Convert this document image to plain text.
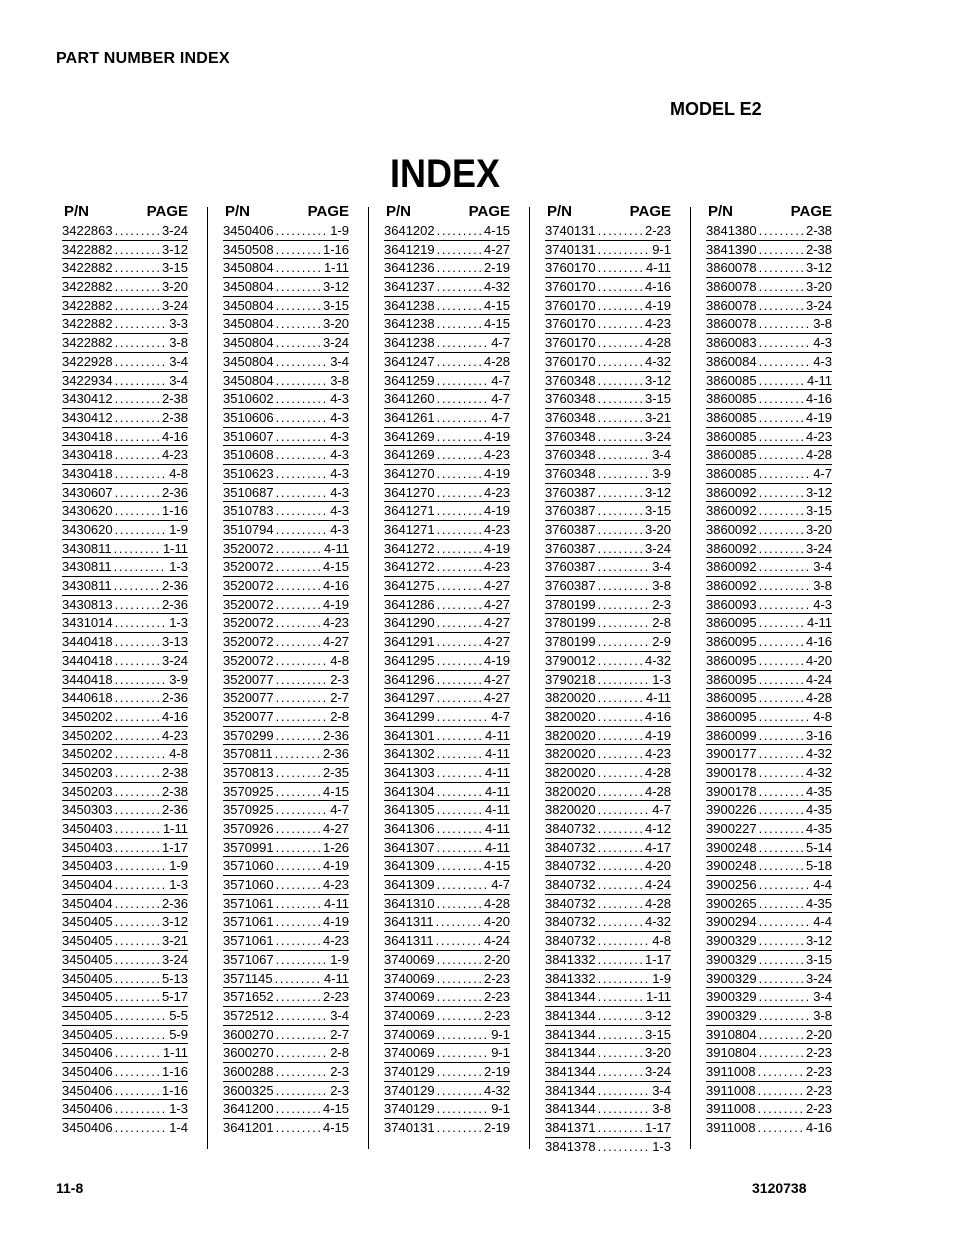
PART NUMBER INDEX
MODEL E2
INDEX
P/N	PAGE
3422863 . . .	3-24
3422882 . . .	3-12
3422882 . . .	3-15
3422882 . . .	3-20
3422882 . . .	3-24
3422882 . . .	3-3
3422882 . . .	3-8
3422928 . . .	3-4
3422934 . . .	3-4
3430412 . . .	2-38
3430412 . . .	2-38
3430418 . . .	4-16
3430418 . . .	4-23
3430418 . . .	4-8
3430607 . . .	2-36
3430620 . . .	1-16
3430620 . . .	1-9
3430811 . . .	1-11
3430811 . . .	1-3
3430811 . . .	2-36
3430813 . . .	2-36
3431014 . . .	1-3
3440418 . . .	3-13
3440418 . . .	3-24
3440418 . . .	3-9
3440618 . . .	2-36
3450202 . . .	4-16
3450202 . . .	4-23
3450202 . . .	4-8
3450203 . . .	2-38
3450203 . . .	2-38
3450303 . . .	2-36
3450403 . . .	1-11
3450403 . . .	1-17
3450403 . . .	1-9
3450404 . . .	1-3
3450404 . . .	2-36
3450405 . . .	3-12
3450405 . . .	3-21
3450405 . . .	3-24
3450405 . . .	5-13
3450405 . . .	5-17
3450405 . . .	5-5
3450405 . . .	5-9
3450406 . . .	1-11
3450406 . . .	1-16
3450406 . . .	1-16
3450406 . . .	1-3
3450406 . . .	1-4
P/N	PAGE
3450406 . . .	1-9
3450508 . . .	1-16
3450804 . . .	1-11
3450804 . . .	3-12
3450804 . . .	3-15
3450804 . . .	3-20
3450804 . . .	3-24
3450804 . . .	3-4
3450804 . . .	3-8
3510602 . . .	4-3
3510606 . . .	4-3
3510607 . . .	4-3
3510608 . . .	4-3
3510623 . . .	4-3
3510687 . . .	4-3
3510783 . . .	4-3
3510794 . . .	4-3
3520072 . . .	4-11
3520072 . . .	4-15
3520072 . . .	4-16
3520072 . . .	4-19
3520072 . . .	4-23
3520072 . . .	4-27
3520072 . . .	4-8
3520077 . . .	2-3
3520077 . . .	2-7
3520077 . . .	2-8
3570299 . . .	2-36
3570811 . . .	2-36
3570813 . . .	2-35
3570925 . . .	4-15
3570925 . . .	4-7
3570926 . . .	4-27
3570991 . . .	1-26
3571060 . . .	4-19
3571060 . . .	4-23
3571061 . . .	4-11
3571061 . . .	4-19
3571061 . . .	4-23
3571067 . . .	1-9
3571145 . . .	4-11
3571652 . . .	2-23
3572512 . . .	3-4
3600270 . . .	2-7
3600270 . . .	2-8
3600288 . . .	2-3
3600325 . . .	2-3
3641200 . . .	4-15
3641201 . . .	4-15
P/N	PAGE
3641202 . . .	4-15
3641219 . . .	4-27
3641236 . . .	2-19
3641237 . . .	4-32
3641238 . . .	4-15
3641238 . . .	4-15
3641238 . . .	4-7
3641247 . . .	4-28
3641259 . . .	4-7
3641260 . . .	4-7
3641261 . . .	4-7
3641269 . . .	4-19
3641269 . . .	4-23
3641270 . . .	4-19
3641270 . . .	4-23
3641271 . . .	4-19
3641271 . . .	4-23
3641272 . . .	4-19
3641272 . . .	4-23
3641275 . . .	4-27
3641286 . . .	4-27
3641290 . . .	4-27
3641291 . . .	4-27
3641295 . . .	4-19
3641296 . . .	4-27
3641297 . . .	4-27
3641299 . . .	4-7
3641301 . . .	4-11
3641302 . . .	4-11
3641303 . . .	4-11
3641304 . . .	4-11
3641305 . . .	4-11
3641306 . . .	4-11
3641307 . . .	4-11
3641309 . . .	4-15
3641309 . . .	4-7
3641310 . . .	4-28
3641311 . . .	4-20
3641311 . . .	4-24
3740069 . . .	2-20
3740069 . . .	2-23
3740069 . . .	2-23
3740069 . . .	2-23
3740069 . . .	9-1
3740069 . . .	9-1
3740129 . . .	2-19
3740129 . . .	4-32
3740129 . . .	9-1
3740131 . . .	2-19
P/N	PAGE
3740131 . . .	2-23
3740131 . . .	9-1
3760170 . . .	4-11
3760170 . . .	4-16
3760170 . . .	4-19
3760170 . . .	4-23
3760170 . . .	4-28
3760170 . . .	4-32
3760348 . . .	3-12
3760348 . . .	3-15
3760348 . . .	3-21
3760348 . . .	3-24
3760348 . . .	3-4
3760348 . . .	3-9
3760387 . . .	3-12
3760387 . . .	3-15
3760387 . . .	3-20
3760387 . . .	3-24
3760387 . . .	3-4
3760387 . . .	3-8
3780199 . . .	2-3
3780199 . . .	2-8
3780199 . . .	2-9
3790012 . . .	4-32
3790218 . . .	1-3
3820020 . . .	4-11
3820020 . . .	4-16
3820020 . . .	4-19
3820020 . . .	4-23
3820020 . . .	4-28
3820020 . . .	4-28
3820020 . . .	4-7
3840732 . . .	4-12
3840732 . . .	4-17
3840732 . . .	4-20
3840732 . . .	4-24
3840732 . . .	4-28
3840732 . . .	4-32
3840732 . . .	4-8
3841332 . . .	1-17
3841332 . . .	1-9
3841344 . . .	1-11
3841344 . . .	3-12
3841344 . . .	3-15
3841344 . . .	3-20
3841344 . . .	3-24
3841344 . . .	3-4
3841344 . . .	3-8
3841371 . . .	1-17
3841378 . . .	1-3
P/N	PAGE
3841380 . . .	2-38
3841390 . . .	2-38
3860078 . . .	3-12
3860078 . . .	3-20
3860078 . . .	3-24
3860078 . . .	3-8
3860083 . . .	4-3
3860084 . . .	4-3
3860085 . . .	4-11
3860085 . . .	4-16
3860085 . . .	4-19
3860085 . . .	4-23
3860085 . . .	4-28
3860085 . . .	4-7
3860092 . . .	3-12
3860092 . . .	3-15
3860092 . . .	3-20
3860092 . . .	3-24
3860092 . . .	3-4
3860092 . . .	3-8
3860093 . . .	4-3
3860095 . . .	4-11
3860095 . . .	4-16
3860095 . . .	4-20
3860095 . . .	4-24
3860095 . . .	4-28
3860095 . . .	4-8
3860099 . . .	3-16
3900177 . . .	4-32
3900178 . . .	4-32
3900178 . . .	4-35
3900226 . . .	4-35
3900227 . . .	4-35
3900248 . . .	5-14
3900248 . . .	5-18
3900256 . . .	4-4
3900265 . . .	4-35
3900294 . . .	4-4
3900329 . . .	3-12
3900329 . . .	3-15
3900329 . . .	3-24
3900329 . . .	3-4
3900329 . . .	3-8
3910804 . . .	2-20
3910804 . . .	2-23
3911008 . . .	2-23
3911008 . . .	2-23
3911008 . . .	2-23
3911008 . . .	4-16
11-8	3120738
